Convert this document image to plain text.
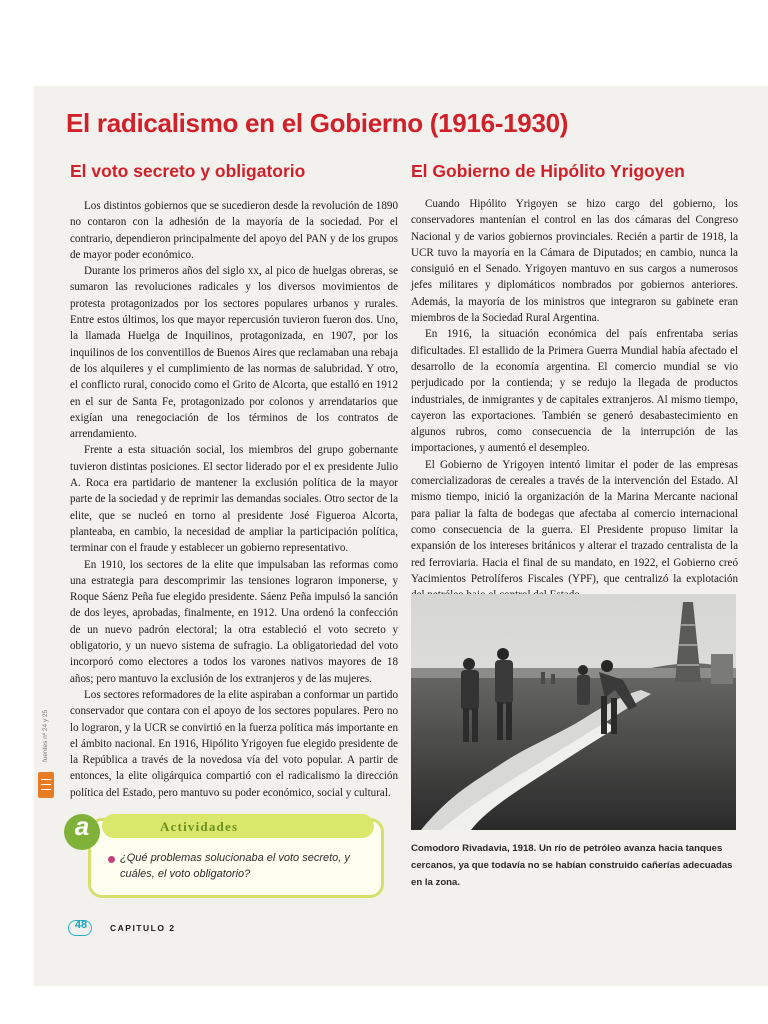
El radicalismo en el Gobierno (1916-1930)
El voto secreto y obligatorio	El Gobierno de Hipólito Yrigoyen

Los distintos gobiernos que se sucedieron desde la revolución de 1890 no contaron con la adhesión de la mayoría de la sociedad. Por el contrario, dependieron principalmente del apoyo del PAN y de los grupos de mayor poder económico.

Durante los primeros años del siglo xx, al pico de huelgas obreras, se sumaron las revoluciones radicales y los diversos movimientos de protesta protagonizados por los sectores populares urbanos y rurales. Entre estos últimos, los que mayor repercusión tuvieron fueron dos. Uno, la llamada Huelga de Inquilinos, protagonizada, en 1907, por los inquilinos de los conventillos de Buenos Aires que reclamaban una rebaja de los alquileres y el cumplimiento de las normas de salubridad. Y otro, el conflicto rural, conocido como el Grito de Alcorta, que estalló en 1912 en el sur de Santa Fe, protagonizado por colonos y arrendatarios que exigían una renegociación de los términos de los contratos de arrendamiento.

Frente a esta situación social, los miembros del grupo gobernante tuvieron distintas posiciones. El sector liderado por el ex presidente Julio A. Roca era partidario de mantener la exclusión política de la mayor parte de la sociedad y de reprimir las demandas sociales. Otro sector de la elite, que se nucleó en torno al presidente José Figueroa Alcorta, planteaba, en cambio, la necesidad de ampliar la participación política, terminar con el fraude y establecer un gobierno representativo.

En 1910, los sectores de la elite que impulsaban las reformas como una estrategia para descomprimir las tensiones lograron imponerse, y Roque Sáenz Peña fue elegido presidente. Sáenz Peña impulsó la sanción de dos leyes, aprobadas, finalmente, en 1912. Una ordenó la confección de un nuevo padrón electoral; la otra estableció el voto secreto y obligatorio, y un nuevo sistema de sufragio. La obligatoriedad del voto incorporó como electores a todos los varones nativos mayores de 18 años; pero mantuvo la exclusión de los extranjeros y de las mujeres.

Los sectores reformadores de la elite aspiraban a conformar un partido conservador que contara con el apoyo de los sectores populares. Pero no lo lograron, y la UCR se convirtió en la fuerza política más importante en el ámbito nacional. En 1916, Hipólito Yrigoyen fue elegido presidente de la República a través de la novedosa vía del voto popular. A partir de entonces, la elite oligárquica compartió con el radicalismo la dirección política del Estado, pero mantuvo su poder económico, social y cultural.

Cuando Hipólito Yrigoyen se hizo cargo del gobierno, los conservadores mantenían el control en las dos cámaras del Congreso Nacional y de varios gobiernos provinciales. Recién a partir de 1918, la UCR tuvo la mayoría en la Cámara de Diputados; en cambio, nunca la consiguió en el Senado. Yrigoyen mantuvo en sus cargos a numerosos jefes militares y diplomáticos nombrados por gobiernos anteriores. Además, la mayoría de los ministros que integraron su gabinete eran miembros de la Sociedad Rural Argentina.

En 1916, la situación económica del país enfrentaba serias dificultades. El estallido de la Primera Guerra Mundial había afectado el desarrollo de la economía argentina. El comercio mundial se vio perjudicado por la contienda; y se redujo la llegada de productos industriales, de inmigrantes y de capitales extranjeros. Al mismo tiempo, cayeron las exportaciones. También se generó desabastecimiento en algunos rubros, como consecuencia de la interrupción de las importaciones, y aumentó el desempleo.

El Gobierno de Yrigoyen intentó limitar el poder de las empresas comercializadoras de cereales a través de la intervención del Estado. Al mismo tiempo, inició la organización de la Marina Mercante nacional para paliar la falta de bodegas que afectaba al comercio internacional como consecuencia de la guerra. El Presidente propuso limitar la expansión de los intereses británicos y alterar el trazado centralista de la red ferroviaria. Hacia el final de su mandato, en 1922, el Gobierno creó Yacimientos Petrolíferos Fiscales (YPF), que centralizó la explotación

fuentes nº 24 y 25
Comodoro Rivadavia, 1918. Un río de petróleo avanza hacia tanques cercanos, ya que todavía no se habían construido cañerías adecuadas en la zona.
Actividades
a
¿Qué problemas solucionaba el voto secreto, y cuáles, el voto obligatorio?
48	CAPITULO 2
